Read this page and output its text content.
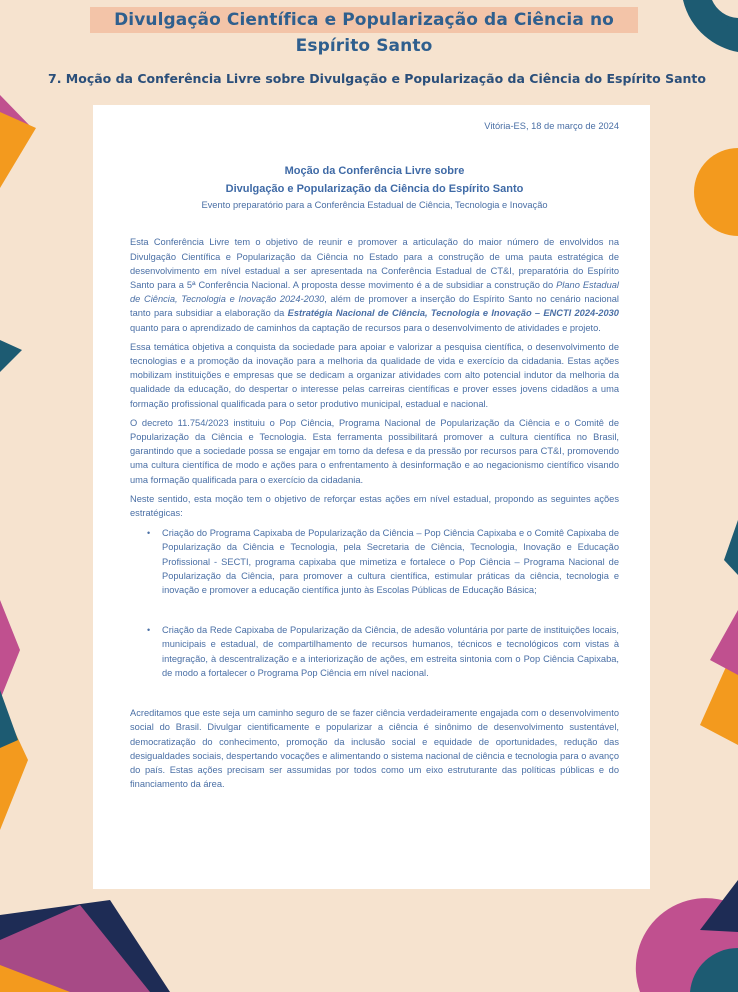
Divulgação Científica e Popularização da Ciência no Espírito Santo
7. Moção da Conferência Livre sobre Divulgação e Popularização da Ciência do Espírito Santo
Vitória-ES, 18 de março de 2024
Moção da Conferência Livre sobre
Divulgação e Popularização da Ciência do Espírito Santo
Evento preparatório para a Conferência Estadual de Ciência, Tecnologia e Inovação

Esta Conferência Livre tem o objetivo de reunir e promover a articulação do maior número de envolvidos na Divulgação Científica e Popularização da Ciência no Estado para a construção de uma pauta estratégica de desenvolvimento em nível estadual a ser apresentada na Conferência Estadual de CT&I, preparatória do Espírito Santo para a 5ª Conferência Nacional. A proposta desse movimento é a de subsidiar a construção do Plano Estadual de Ciência, Tecnologia e Inovação 2024-2030, além de promover a inserção do Espírito Santo no cenário nacional tanto para subsidiar a elaboração da Estratégia Nacional de Ciência, Tecnologia e Inovação – ENCTI 2024-2030 quanto para o aprendizado de caminhos da captação de recursos para o desenvolvimento de atividades e projeto.

Essa temática objetiva a conquista da sociedade para apoiar e valorizar a pesquisa científica, o desenvolvimento de tecnologias e a promoção da inovação para a melhoria da qualidade de vida e exercício da cidadania. Estas ações mobilizam instituições e empresas que se dedicam a organizar atividades com alto potencial indutor da melhoria da qualidade da educação, do despertar o interesse pelas carreiras científicas e prover esses jovens cidadãos a uma formação profissional qualificada para o setor produtivo municipal, estadual e nacional.

O decreto 11.754/2023 instituiu o Pop Ciência, Programa Nacional de Popularização da Ciência e o Comitê de Popularização da Ciência e Tecnologia. Esta ferramenta possibilitará promover a cultura científica no Brasil, garantindo que a sociedade possa se engajar em torno da defesa e da pressão por recursos para CT&I, promovendo uma cultura científica de modo e ações para o enfrentamento à desinformação e ao negacionismo científico visando uma formação qualificada para o exercício da cidadania.

Neste sentido, esta moção tem o objetivo de reforçar estas ações em nível estadual, propondo as seguintes ações estratégicas:

• Criação do Programa Capixaba de Popularização da Ciência – Pop Ciência Capixaba e o Comitê Capixaba de Popularização da Ciência e Tecnologia, pela Secretaria de Ciência, Tecnologia, Inovação e Educação Profissional - SECTI, programa capixaba que mimetiza e fortalece o Pop Ciência – Programa Nacional de Popularização da Ciência, para promover a cultura científica, estimular práticas da ciência, tecnologia e inovação e promover a educação científica junto às Escolas Públicas de Educação Básica;
• Criação da Rede Capixaba de Popularização da Ciência, de adesão voluntária por parte de instituições locais, municipais e estadual, de compartilhamento de recursos humanos, técnicos e tecnológicos com vistas à integração, à descentralização e a interiorização de ações, em estreita sintonia com o Pop Ciência Capixaba, de modo a fortalecer o Programa Pop Ciência em nível nacional.

Acreditamos que este seja um caminho seguro de se fazer ciência verdadeiramente engajada com o desenvolvimento social do Brasil. Divulgar cientificamente e popularizar a ciência é sinônimo de desenvolvimento sustentável, democratização do conhecimento, promoção da inclusão social e equidade de oportunidades, redução das desigualdades sociais, despertando vocações e alimentando o sistema nacional de ciência e tecnologia para o avanço do país. Estas ações precisam ser assumidas por todos como um eixo estruturante das políticas públicas e do financiamento da área.
